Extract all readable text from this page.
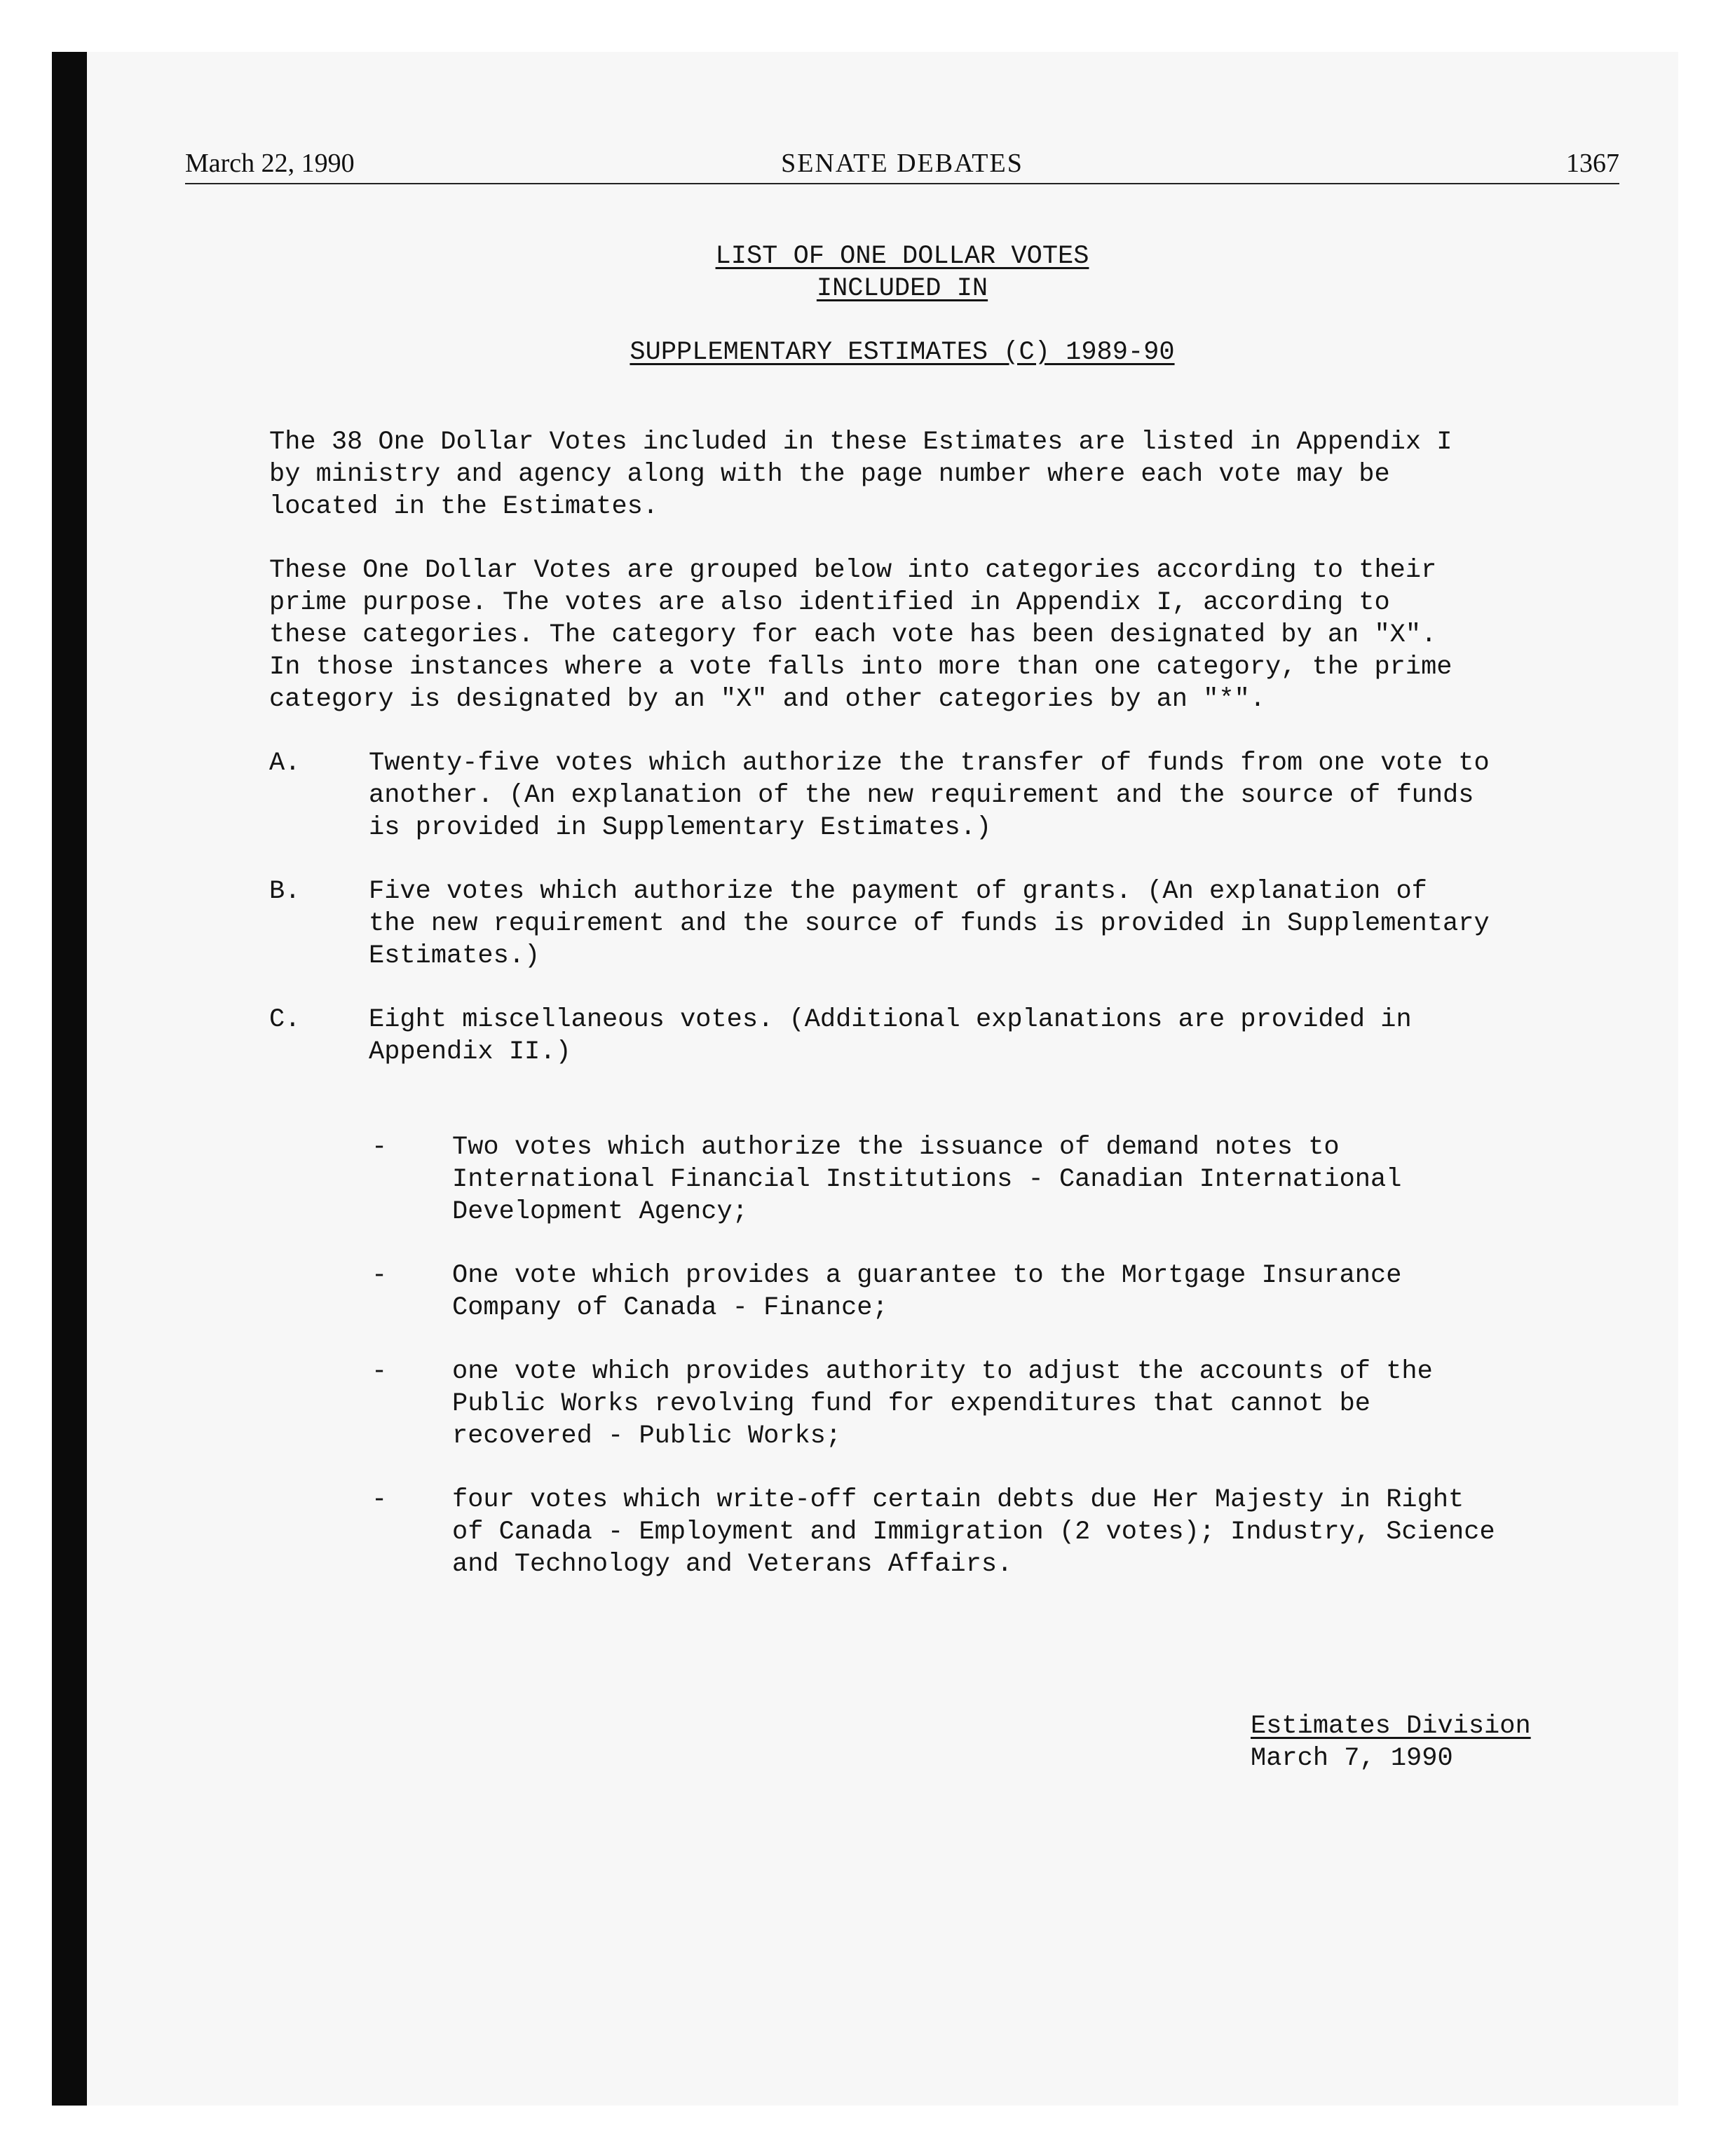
March 22, 1990	SENATE DEBATES	1367
LIST OF ONE DOLLAR VOTES
INCLUDED IN
SUPPLEMENTARY ESTIMATES (C) 1989-90
The 38 One Dollar Votes included in these Estimates are listed in Appendix I
by ministry and agency along with the page number where each vote may be
located in the Estimates.
These One Dollar Votes are grouped below into categories according to their
prime purpose. The votes are also identified in Appendix I, according to
these categories. The category for each vote has been designated by an "X".
In those instances where a vote falls into more than one category, the prime
category is designated by an "X" and other categories by an "*".
A.	Twenty-five votes which authorize the transfer of funds from one vote to
another. (An explanation of the new requirement and the source of funds
is provided in Supplementary Estimates.)
B.	Five votes which authorize the payment of grants. (An explanation of
the new requirement and the source of funds is provided in Supplementary
Estimates.)
C.	Eight miscellaneous votes. (Additional explanations are provided in
Appendix II.)
-	Two votes which authorize the issuance of demand notes to
International Financial Institutions - Canadian International
Development Agency;
-	One vote which provides a guarantee to the Mortgage Insurance
Company of Canada - Finance;
-	one vote which provides authority to adjust the accounts of the
Public Works revolving fund for expenditures that cannot be
recovered - Public Works;
-	four votes which write-off certain debts due Her Majesty in Right
of Canada - Employment and Immigration (2 votes); Industry, Science
and Technology and Veterans Affairs.
Estimates Division
March 7, 1990
